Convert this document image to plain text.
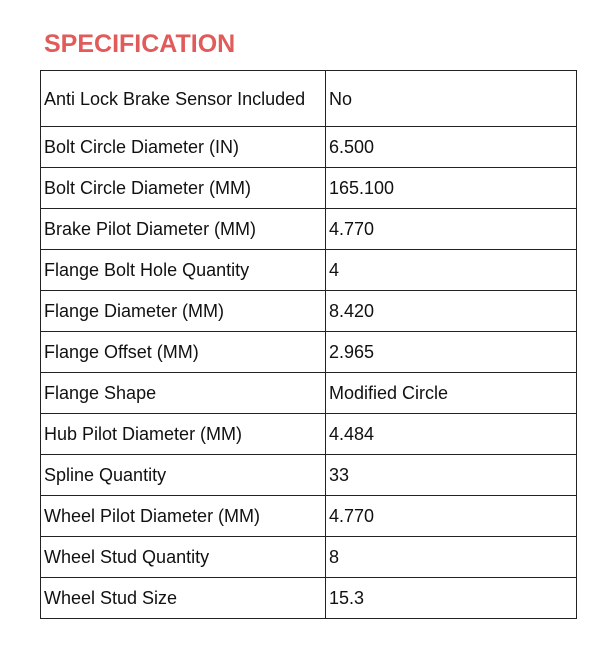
SPECIFICATION
Anti Lock Brake Sensor Included	No
Bolt Circle Diameter (IN)	6.500
Bolt Circle Diameter (MM)	165.100
Brake Pilot Diameter (MM)	4.770
Flange Bolt Hole Quantity	4
Flange Diameter (MM)	8.420
Flange Offset (MM)	2.965
Flange Shape	Modified Circle
Hub Pilot Diameter (MM)	4.484
Spline Quantity	33
Wheel Pilot Diameter (MM)	4.770
Wheel Stud Quantity	8
Wheel Stud Size	15.3
